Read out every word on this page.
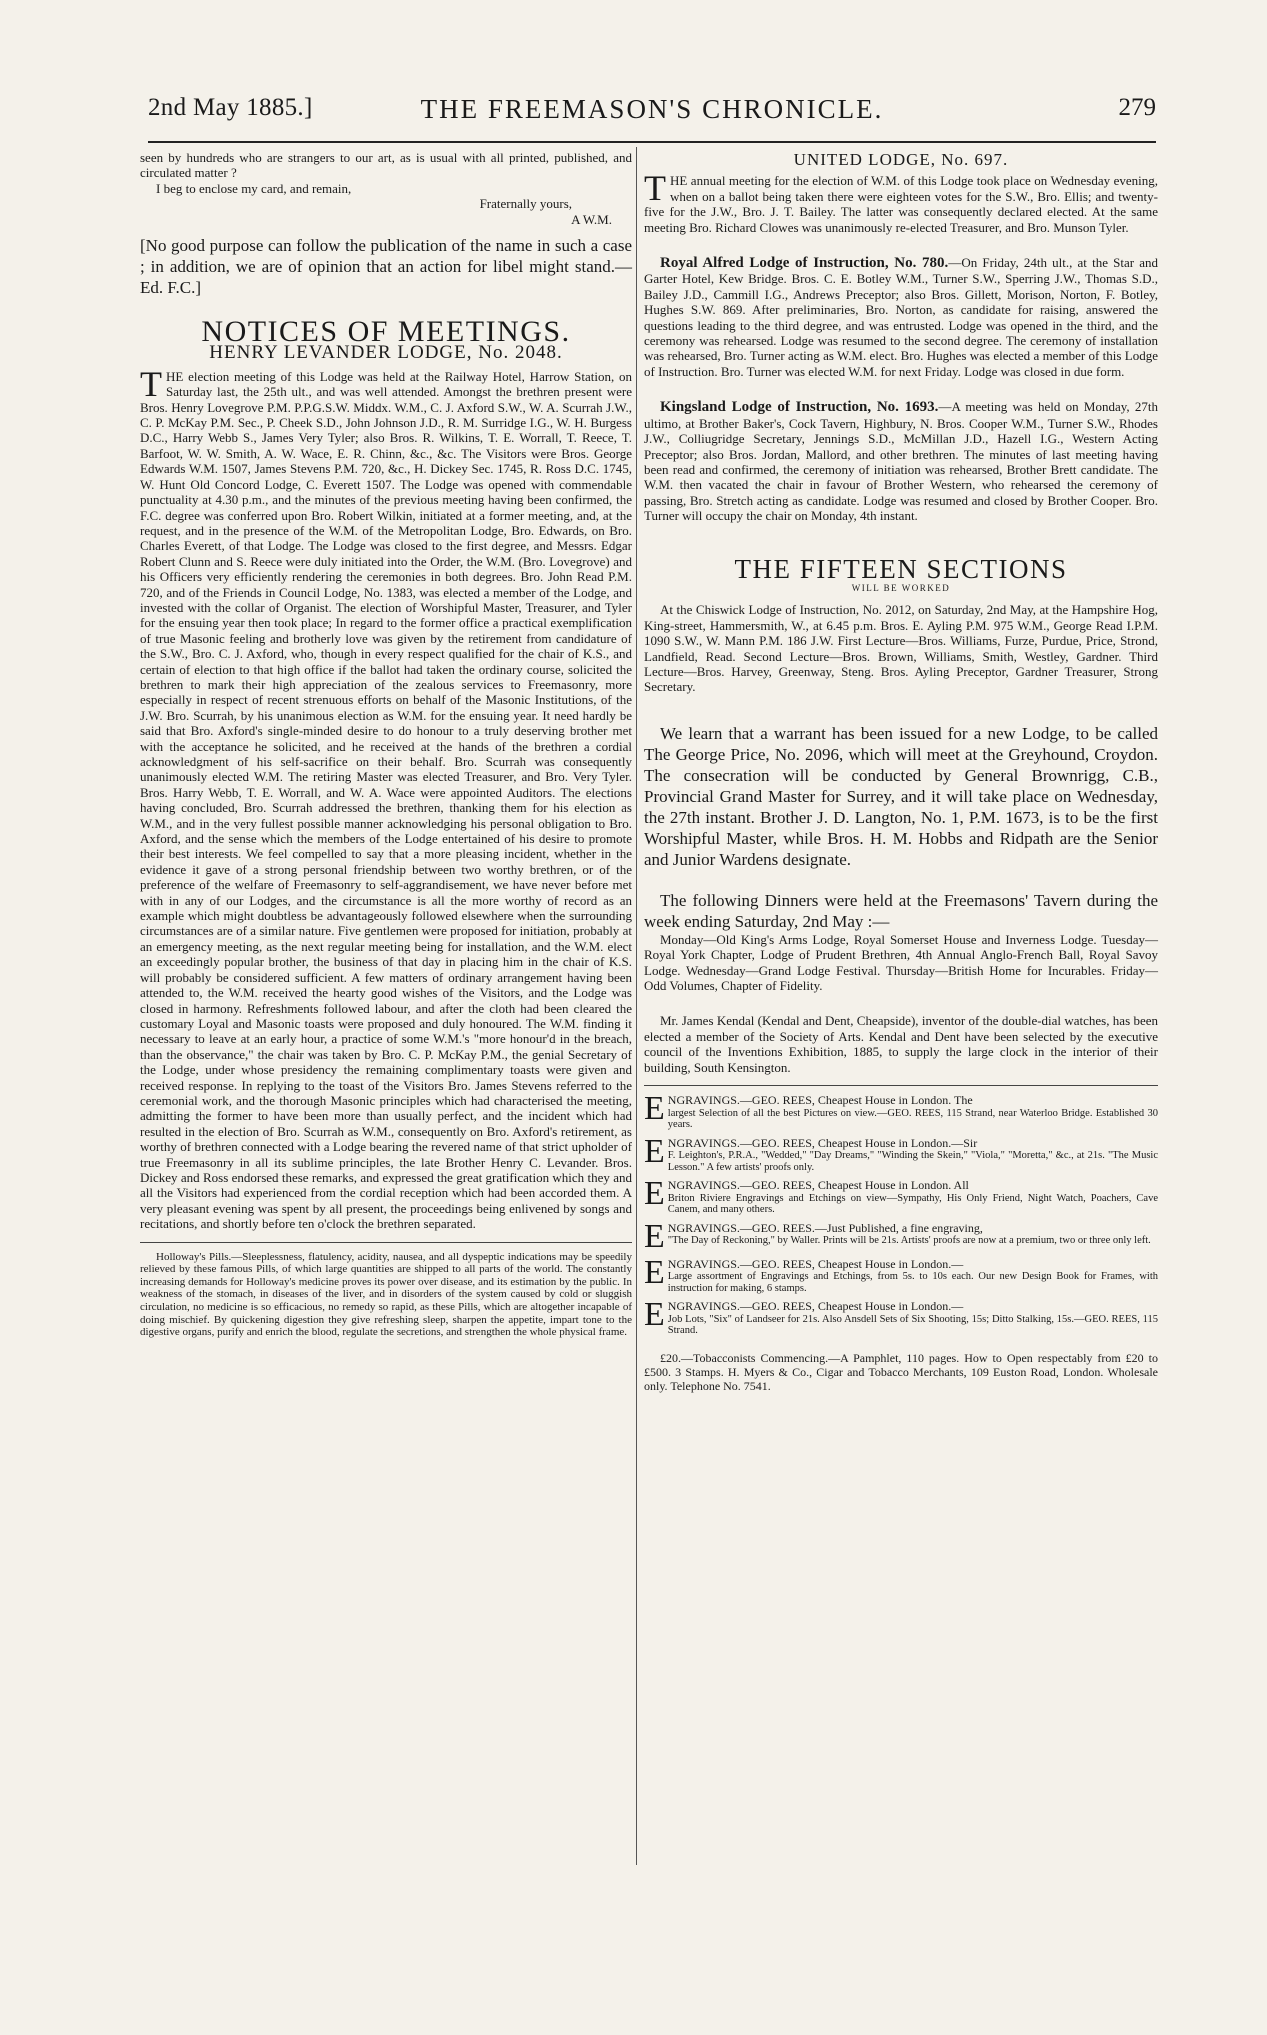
2nd May 1885.]	THE FREEMASON'S CHRONICLE.	279

seen by hundreds who are strangers to our art, as is usual with all printed, published, and circulated matter ?

I beg to enclose my card, and remain,

Fraternally yours,

A W.M.

[No good purpose can follow the publication of the name in such a case ; in addition, we are of opinion that an action for libel might stand.—Ed. F.C.]

NOTICES OF MEETINGS.
HENRY LEVANDER LODGE, No. 2048.

THE election meeting of this Lodge was held at the Railway Hotel, Harrow Station, on Saturday last, the 25th ult., and was well attended. Amongst the brethren present were Bros. Henry Lovegrove P.M. P.P.G.S.W. Middx. W.M., C. J. Axford S.W., W. A. Scurrah J.W., C. P. McKay P.M. Sec., P. Cheek S.D., John Johnson J.D., R. M. Surridge I.G., W. H. Burgess D.C., Harry Webb S., James Very Tyler; also Bros. R. Wilkins, T. E. Worrall, T. Reece, T. Barfoot, W. W. Smith, A. W. Wace, E. R. Chinn, &c., &c. The Visitors were Bros. George Edwards W.M. 1507, James Stevens P.M. 720, &c., H. Dickey Sec. 1745, R. Ross D.C. 1745, W. Hunt Old Concord Lodge, C. Everett 1507. The Lodge was opened with commendable punctuality at 4.30 p.m., and the minutes of the previous meeting having been confirmed, the F.C. degree was conferred upon Bro. Robert Wilkin, initiated at a former meeting, and, at the request, and in the presence of the W.M. of the Metropolitan Lodge, Bro. Edwards, on Bro. Charles Everett, of that Lodge. The Lodge was closed to the first degree, and Messrs. Edgar Robert Clunn and S. Reece were duly initiated into the Order, the W.M. (Bro. Lovegrove) and his Officers very efficiently rendering the ceremonies in both degrees. Bro. John Read P.M. 720, and of the Friends in Council Lodge, No. 1383, was elected a member of the Lodge, and invested with the collar of Organist. The election of Worshipful Master, Treasurer, and Tyler for the ensuing year then took place; In regard to the former office a practical exemplification of true Masonic feeling and brotherly love was given by the retirement from candidature of the S.W., Bro. C. J. Axford, who, though in every respect qualified for the chair of K.S., and certain of election to that high office if the ballot had taken the ordinary course, solicited the brethren to mark their high appreciation of the zealous services to Freemasonry, more especially in respect of recent strenuous efforts on behalf of the Masonic Institutions, of the J.W. Bro. Scurrah, by his unanimous election as W.M. for the ensuing year. It need hardly be said that Bro. Axford's single-minded desire to do honour to a truly deserving brother met with the acceptance he solicited, and he received at the hands of the brethren a cordial acknowledgment of his self-sacrifice on their behalf. Bro. Scurrah was consequently unanimously elected W.M. The retiring Master was elected Treasurer, and Bro. Very Tyler. Bros. Harry Webb, T. E. Worrall, and W. A. Wace were appointed Auditors. The elections having concluded, Bro. Scurrah addressed the brethren, thanking them for his election as W.M., and in the very fullest possible manner acknowledging his personal obligation to Bro. Axford, and the sense which the members of the Lodge entertained of his desire to promote their best interests. We feel compelled to say that a more pleasing incident, whether in the evidence it gave of a strong personal friendship between two worthy brethren, or of the preference of the welfare of Freemasonry to self-aggrandisement, we have never before met with in any of our Lodges, and the circumstance is all the more worthy of record as an example which might doubtless be advantageously followed elsewhere when the surrounding circumstances are of a similar nature. Five gentlemen were proposed for initiation, probably at an emergency meeting, as the next regular meeting being for installation, and the W.M. elect an exceedingly popular brother, the business of that day in placing him in the chair of K.S. will probably be considered sufficient. A few matters of ordinary arrangement having been attended to, the W.M. received the hearty good wishes of the Visitors, and the Lodge was closed in harmony. Refreshments followed labour, and after the cloth had been cleared the customary Loyal and Masonic toasts were proposed and duly honoured. The W.M. finding it necessary to leave at an early hour, a practice of some W.M.'s "more honour'd in the breach, than the observance," the chair was taken by Bro. C. P. McKay P.M., the genial Secretary of the Lodge, under whose presidency the remaining complimentary toasts were given and received response. In replying to the toast of the Visitors Bro. James Stevens referred to the ceremonial work, and the thorough Masonic principles which had characterised the meeting, admitting the former to have been more than usually perfect, and the incident which had resulted in the election of Bro. Scurrah as W.M., consequently on Bro. Axford's retirement, as worthy of brethren connected with a Lodge bearing the revered name of that strict upholder of true Freemasonry in all its sublime principles, the late Brother Henry C. Levander. Bros. Dickey and Ross endorsed these remarks, and expressed the great gratification which they and all the Visitors had experienced from the cordial reception which had been accorded them. A very pleasant evening was spent by all present, the proceedings being enlivened by songs and recitations, and shortly before ten o'clock the brethren separated.

Holloway's Pills.—Sleeplessness, flatulency, acidity, nausea, and all dyspeptic indications may be speedily relieved by these famous Pills, of which large quantities are shipped to all parts of the world. The constantly increasing demands for Holloway's medicine proves its power over disease, and its estimation by the public. In weakness of the stomach, in diseases of the liver, and in disorders of the system caused by cold or sluggish circulation, no medicine is so efficacious, no remedy so rapid, as these Pills, which are altogether incapable of doing mischief. By quickening digestion they give refreshing sleep, sharpen the appetite, impart tone to the digestive organs, purify and enrich the blood, regulate the secretions, and strengthen the whole physical frame.

UNITED LODGE, No. 697.

THE annual meeting for the election of W.M. of this Lodge took place on Wednesday evening, when on a ballot being taken there were eighteen votes for the S.W., Bro. Ellis; and twenty-five for the J.W., Bro. J. T. Bailey. The latter was consequently declared elected. At the same meeting Bro. Richard Clowes was unanimously re-elected Treasurer, and Bro. Munson Tyler.

Royal Alfred Lodge of Instruction, No. 780.—On Friday, 24th ult., at the Star and Garter Hotel, Kew Bridge. Bros. C. E. Botley W.M., Turner S.W., Sperring J.W., Thomas S.D., Bailey J.D., Cammill I.G., Andrews Preceptor; also Bros. Gillett, Morison, Norton, F. Botley, Hughes S.W. 869. After preliminaries, Bro. Norton, as candidate for raising, answered the questions leading to the third degree, and was entrusted. Lodge was opened in the third, and the ceremony was rehearsed. Lodge was resumed to the second degree. The ceremony of installation was rehearsed, Bro. Turner acting as W.M. elect. Bro. Hughes was elected a member of this Lodge of Instruction. Bro. Turner was elected W.M. for next Friday. Lodge was closed in due form.

Kingsland Lodge of Instruction, No. 1693.—A meeting was held on Monday, 27th ultimo, at Brother Baker's, Cock Tavern, Highbury, N. Bros. Cooper W.M., Turner S.W., Rhodes J.W., Colliugridge Secretary, Jennings S.D., McMillan J.D., Hazell I.G., Western Acting Preceptor; also Bros. Jordan, Mallord, and other brethren. The minutes of last meeting having been read and confirmed, the ceremony of initiation was rehearsed, Brother Brett candidate. The W.M. then vacated the chair in favour of Brother Western, who rehearsed the ceremony of passing, Bro. Stretch acting as candidate. Lodge was resumed and closed by Brother Cooper. Bro. Turner will occupy the chair on Monday, 4th instant.

THE FIFTEEN SECTIONS
WILL BE WORKED

At the Chiswick Lodge of Instruction, No. 2012, on Saturday, 2nd May, at the Hampshire Hog, King-street, Hammersmith, W., at 6.45 p.m. Bros. E. Ayling P.M. 975 W.M., George Read I.P.M. 1090 S.W., W. Mann P.M. 186 J.W. First Lecture—Bros. Williams, Furze, Purdue, Price, Strond, Landfield, Read. Second Lecture—Bros. Brown, Williams, Smith, Westley, Gardner. Third Lecture—Bros. Harvey, Greenway, Steng. Bros. Ayling Preceptor, Gardner Treasurer, Strong Secretary.

We learn that a warrant has been issued for a new Lodge, to be called The George Price, No. 2096, which will meet at the Greyhound, Croydon. The consecration will be conducted by General Brownrigg, C.B., Provincial Grand Master for Surrey, and it will take place on Wednesday, the 27th instant. Brother J. D. Langton, No. 1, P.M. 1673, is to be the first Worshipful Master, while Bros. H. M. Hobbs and Ridpath are the Senior and Junior Wardens designate.

The following Dinners were held at the Freemasons' Tavern during the week ending Saturday, 2nd May :—

Monday—Old King's Arms Lodge, Royal Somerset House and Inverness Lodge. Tuesday—Royal York Chapter, Lodge of Prudent Brethren, 4th Annual Anglo-French Ball, Royal Savoy Lodge. Wednesday—Grand Lodge Festival. Thursday—British Home for Incurables. Friday—Odd Volumes, Chapter of Fidelity.

Mr. James Kendal (Kendal and Dent, Cheapside), inventor of the double-dial watches, has been elected a member of the Society of Arts. Kendal and Dent have been selected by the executive council of the Inventions Exhibition, 1885, to supply the large clock in the interior of their building, South Kensington.

ENGRAVINGS.—GEO. REES, Cheapest House in London. The
largest Selection of all the best Pictures on view.—GEO. REES, 115 Strand, near Waterloo Bridge. Established 30 years.
ENGRAVINGS.—GEO. REES, Cheapest House in London.—Sir
F. Leighton's, P.R.A., "Wedded," "Day Dreams," "Winding the Skein," "Viola," "Moretta," &c., at 21s. "The Music Lesson." A few artists' proofs only.
ENGRAVINGS.—GEO. REES, Cheapest House in London. All
Briton Riviere Engravings and Etchings on view—Sympathy, His Only Friend, Night Watch, Poachers, Cave Canem, and many others.
ENGRAVINGS.—GEO. REES.—Just Published, a fine engraving,
"The Day of Reckoning," by Waller. Prints will be 21s. Artists' proofs are now at a premium, two or three only left.
ENGRAVINGS.—GEO. REES, Cheapest House in London.—
Large assortment of Engravings and Etchings, from 5s. to 10s each. Our new Design Book for Frames, with instruction for making, 6 stamps.
ENGRAVINGS.—GEO. REES, Cheapest House in London.—
Job Lots, "Six" of Landseer for 21s. Also Ansdell Sets of Six Shooting, 15s; Ditto Stalking, 15s.—GEO. REES, 115 Strand.

£20.—Tobacconists Commencing.—A Pamphlet, 110 pages. How to Open respectably from £20 to £500. 3 Stamps. H. Myers & Co., Cigar and Tobacco Merchants, 109 Euston Road, London. Wholesale only. Telephone No. 7541.
